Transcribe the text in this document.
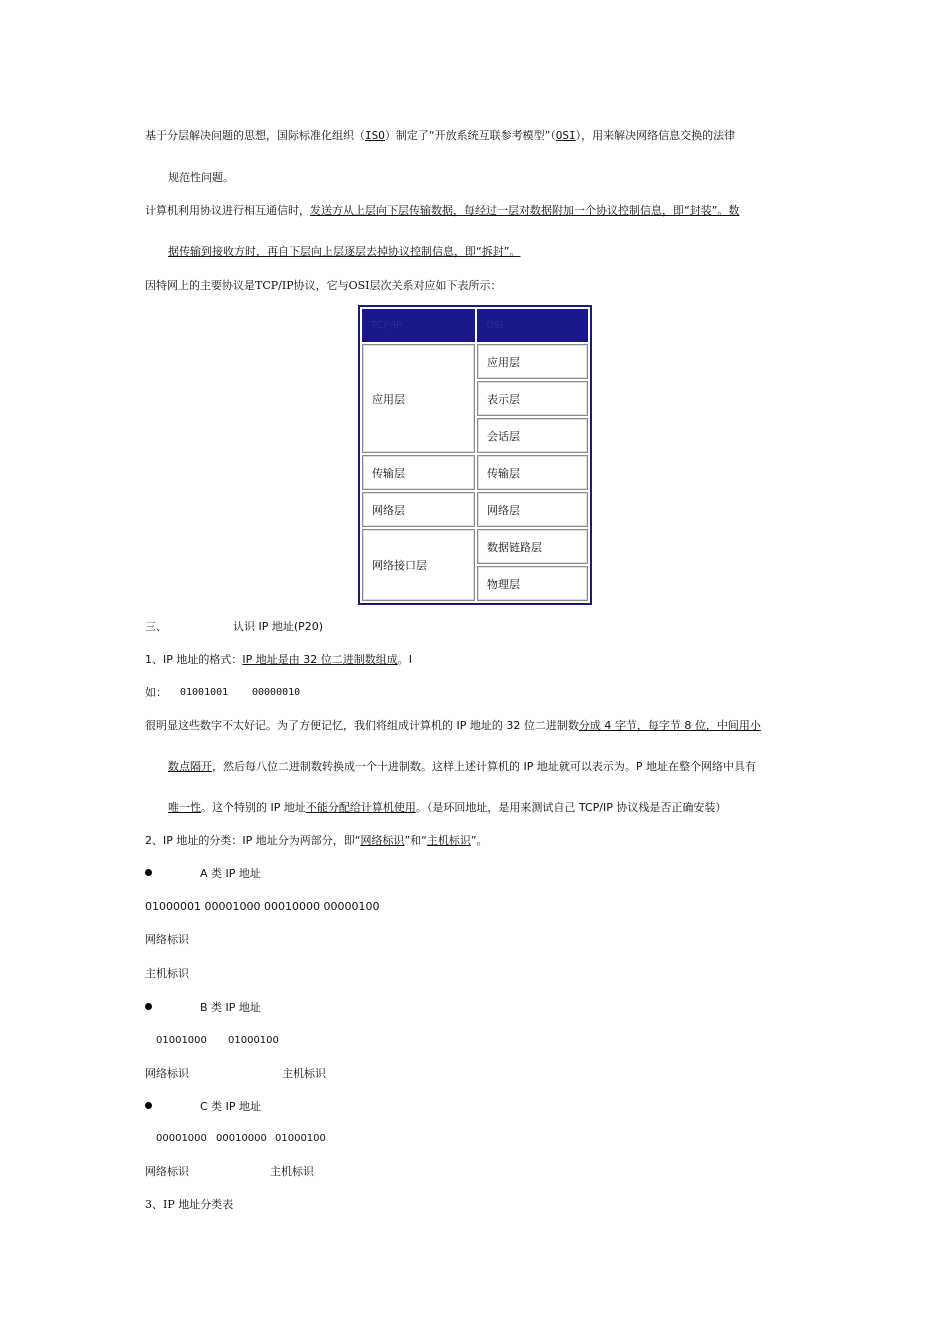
基于分层解决问题的思想，国际标准化组织（ISO）制定了“开放系统互联参考模型”（OSI），用来解决网络信息交换的法律
规范性问题。
计算机利用协议进行相互通信时，发送方从上层向下层传输数据，每经过一层对数据附加一个协议控制信息，即“封装”。数
据传输到接收方时，再自下层向上层逐层去掉协议控制信息，即“拆封”。
因特网上的主要协议是TCP/IP协议，它与OSI层次关系对应如下表所示：
TCP/IP	OSI
应用层	应用层
	表示层
	会话层
传输层	传输层
网络层	网络层
网络接口层	数据链路层
	物理层
三、	认识 IP 地址(P20)
1、IP 地址的格式：IP 地址是由 32 位二进制数组成。I
如： 01001001 00000010
很明显这些数字不太好记。为了方便记忆，我们将组成计算机的 IP 地址的 32 位二进制数分成 4 字节，每字节 8 位，中间用小
数点隔开，然后每八位二进制数转换成一个十进制数。这样上述计算机的 IP 地址就可以表示为。P 地址在整个网络中具有
唯一性。这个特别的 IP 地址不能分配给计算机使用。（是环回地址，是用来测试自己 TCP/IP 协议栈是否正确安装）
2、IP 地址的分类：IP 地址分为两部分，即“网络标识”和“主机标识”。
A 类 IP 地址
01000001 00001000 00010000 00000100
网络标识
主机标识
B 类 IP 地址
01001000 01000100
网络标识	主机标识
C 类 IP 地址
00001000 00010000 01000100
网络标识	主机标识
3、IP 地址分类表
